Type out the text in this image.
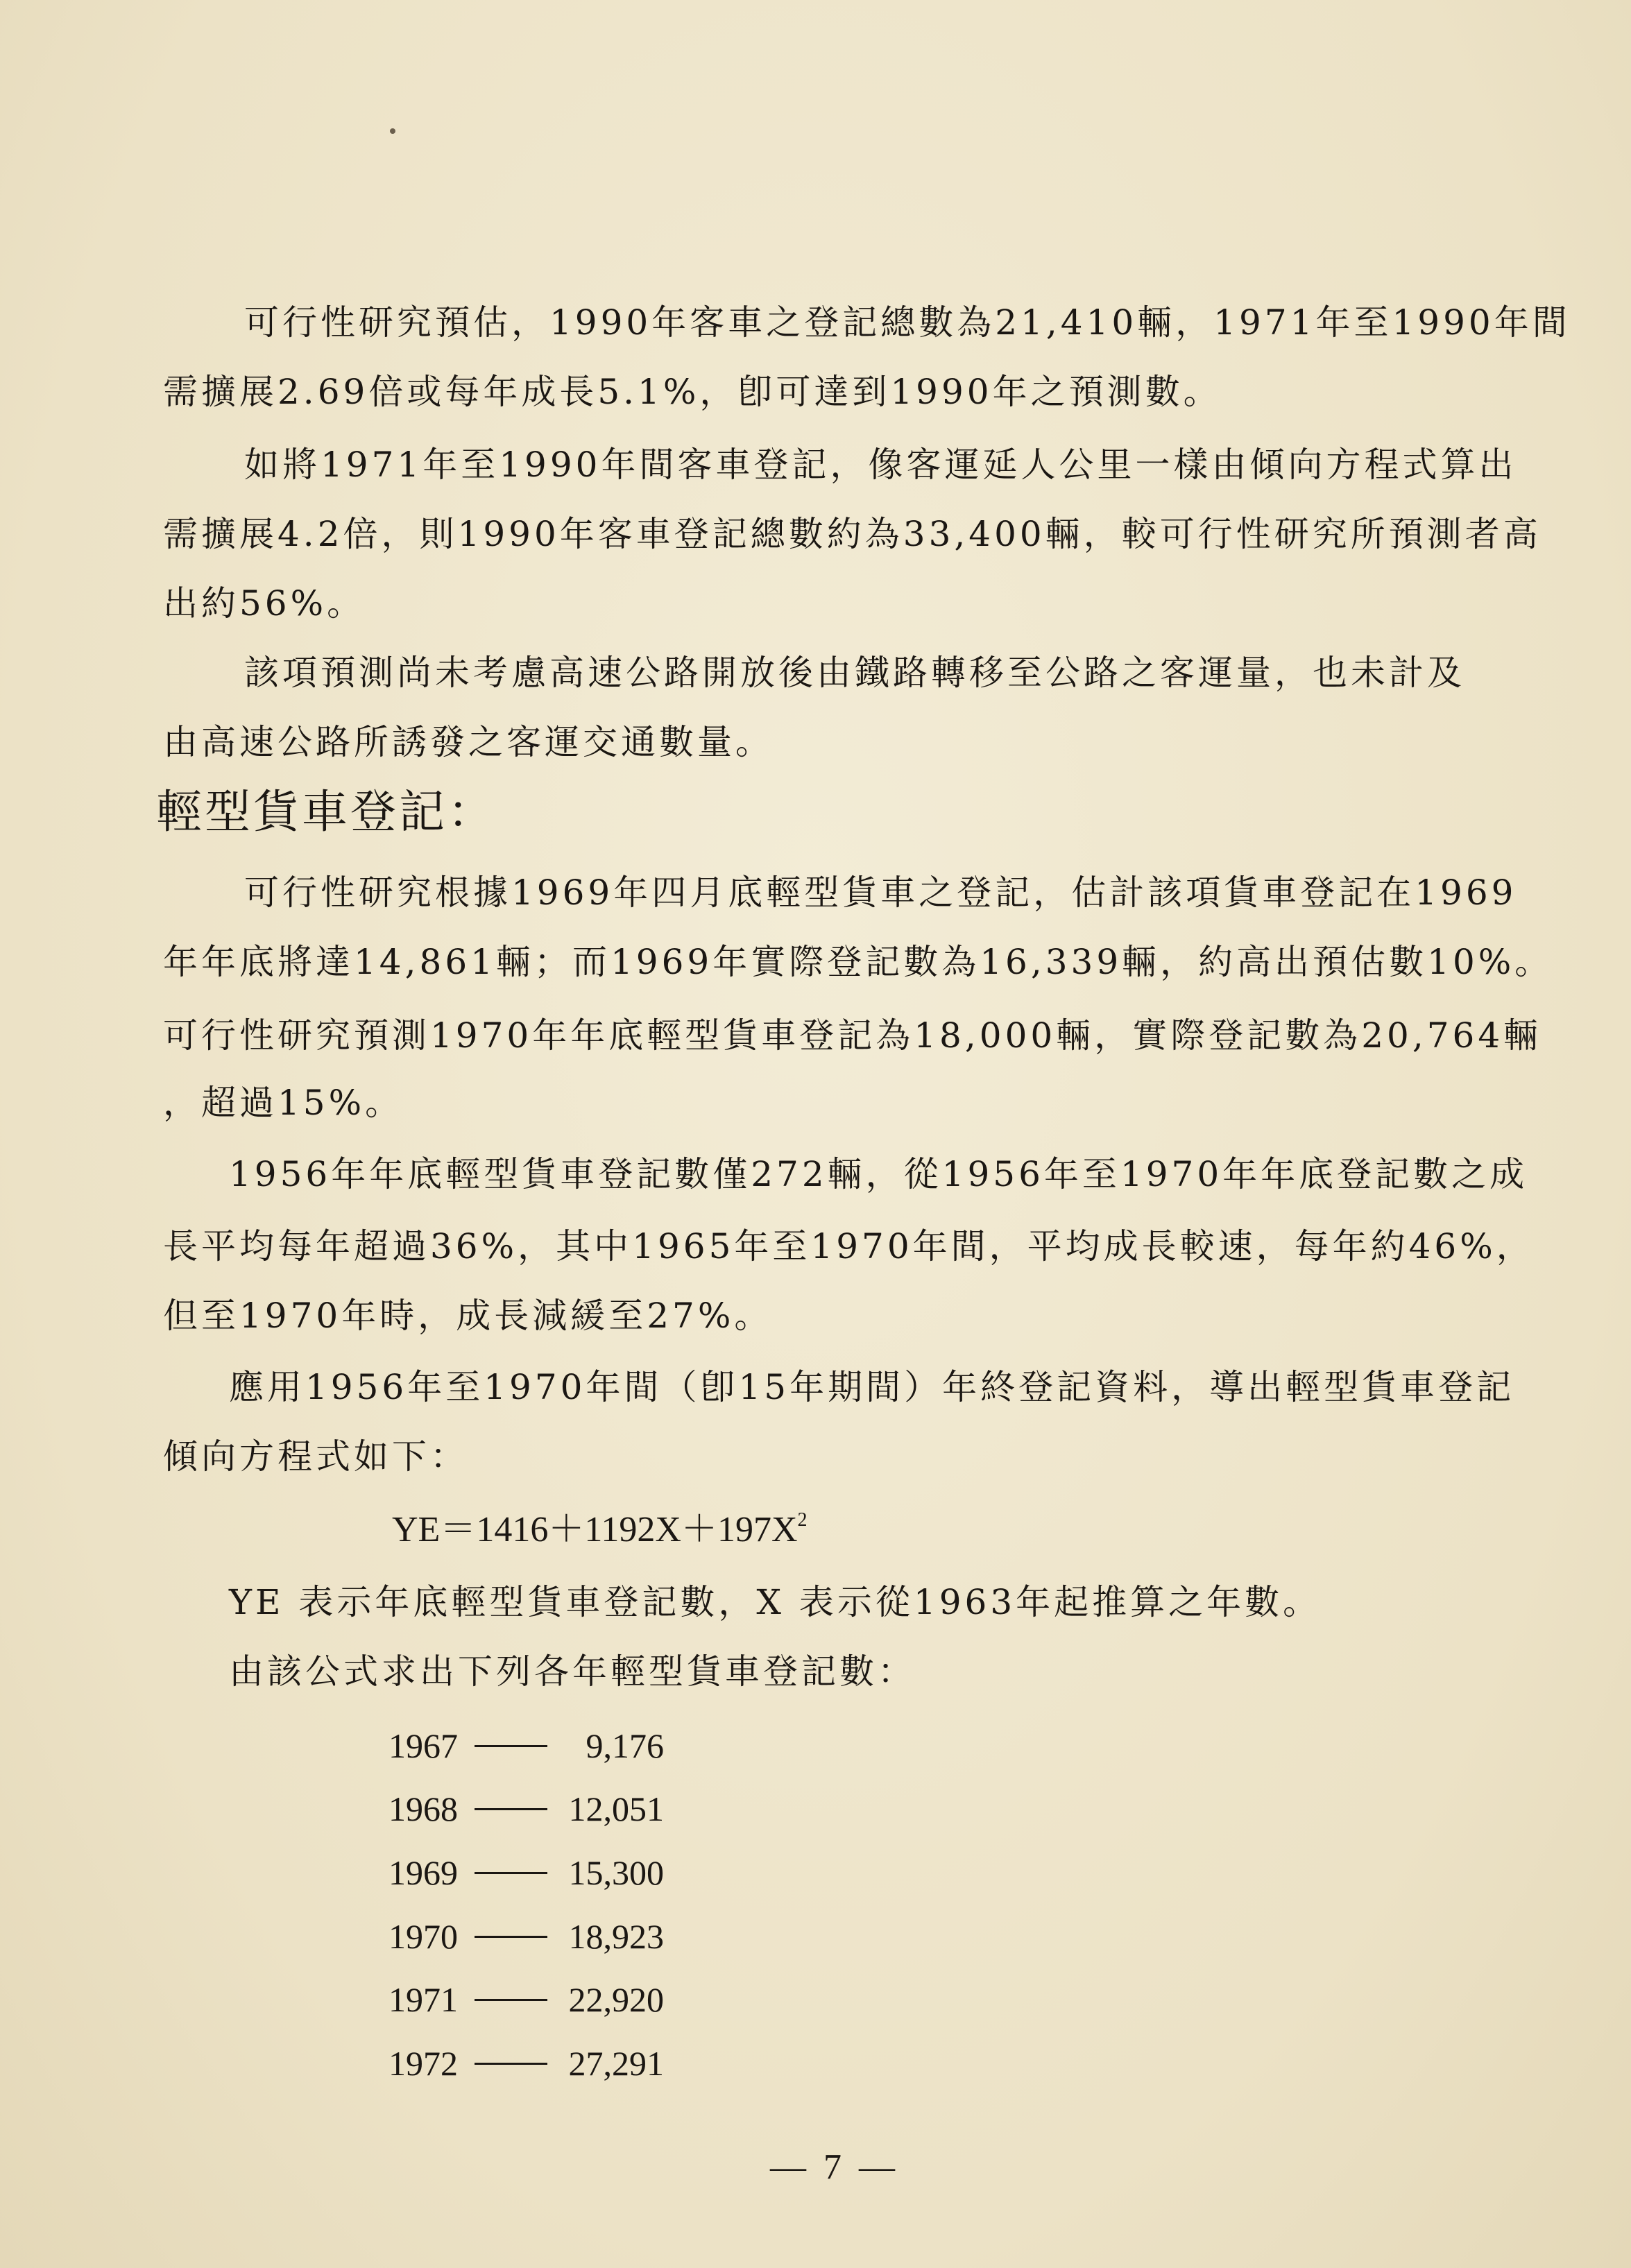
可行性研究預估，1990年客車之登記總數為21,410輛，1971年至1990年間
需擴展2.69倍或每年成長5.1%，卽可達到1990年之預測數。
如將1971年至1990年間客車登記，像客運延人公里一樣由傾向方程式算出
需擴展4.2倍，則1990年客車登記總數約為33,400輛，較可行性研究所預測者高
出約56%。
該項預測尚未考慮高速公路開放後由鐵路轉移至公路之客運量，也未計及
由高速公路所誘發之客運交通數量。
輕型貨車登記：
可行性研究根據1969年四月底輕型貨車之登記，估計該項貨車登記在1969
年年底將達14,861輛；而1969年實際登記數為16,339輛，約高出預估數10%。
可行性研究預測1970年年底輕型貨車登記為18,000輛，實際登記數為20,764輛
，超過15%。
1956年年底輕型貨車登記數僅272輛，從1956年至1970年年底登記數之成
長平均每年超過36%，其中1965年至1970年間，平均成長較速，每年約46%，
但至1970年時，成長減緩至27%。
應用1956年至1970年間（卽15年期間）年終登記資料，導出輕型貨車登記
傾向方程式如下：
$YE=1416+1192X+197X^2$
YE 表示年底輕型貨車登記數，X 表示從1963年起推算之年數。
由該公式求出下列各年輕型貨車登記數：
1967	9,176
1968	12,051
1969	15,300
1970	18,923
1971	22,920
1972	27,291
— 7 —
